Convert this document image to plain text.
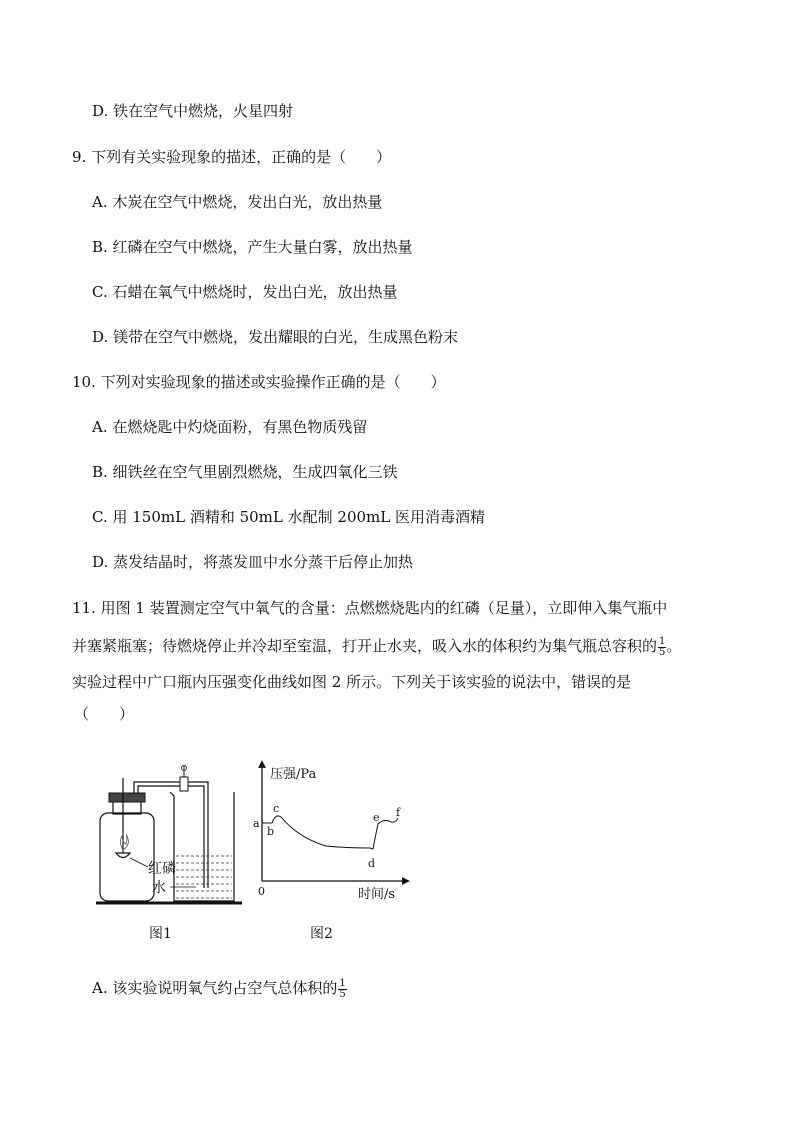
D. 铁在空气中燃烧，火星四射
9. 下列有关实验现象的描述，正确的是（　　）
A. 木炭在空气中燃烧，发出白光，放出热量
B. 红磷在空气中燃烧，产生大量白雾，放出热量
C. 石蜡在氧气中燃烧时，发出白光，放出热量
D. 镁带在空气中燃烧，发出耀眼的白光，生成黑色粉末
10. 下列对实验现象的描述或实验操作正确的是（　　）
A. 在燃烧匙中灼烧面粉，有黑色物质残留
B. 细铁丝在空气里剧烈燃烧，生成四氧化三铁
C. 用 150mL 酒精和 50mL 水配制 200mL 医用消毒酒精
D. 蒸发结晶时，将蒸发皿中水分蒸干后停止加热
11. 用图 1 装置测定空气中氧气的含量：点燃燃烧匙内的红磷（足量），立即伸入集气瓶中
并塞紧瓶塞；待燃烧停止并冷却至室温，打开止水夹，吸入水的体积约为集气瓶总容积的 $\frac{1}{5}$ 。
实验过程中广口瓶内压强变化曲线如图 2 所示。下列关于该实验的说法中，错误的是
（　　）
红磷
水
图1
压强/Pa
时间/s
0
a
b
c
d
e f
图2
A. 该实验说明氧气约占空气总体积的 $\frac{1}{5}$
